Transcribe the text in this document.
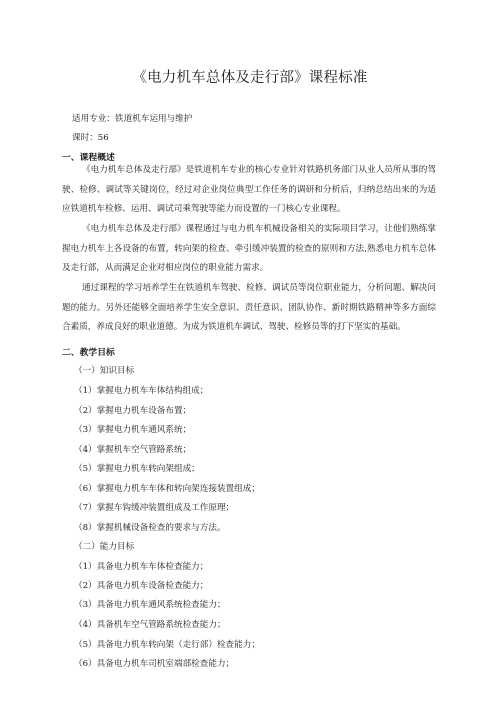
《电力机车总体及走行部》课程标准
适用专业：铁道机车运用与维护
课时：56
一、课程概述

《电力机车总体及走行部》是铁道机车专业的核心专业针对铁路机务部门从业人员所从事的驾驶、检修、调试等关键岗位，经过对企业岗位典型工作任务的调研和分析后，归纳总结出来的为适应铁道机车检修、运用、调试司乘驾驶等能力而设置的一门核心专业课程。

《电力机车总体及走行部》课程通过与电力机车机械设备相关的实际项目学习，让他们熟练掌握电力机车上各设备的布置，转向架的检查、牵引缓冲装置的检查的原则和方法,熟悉电力机车总体及走行部，从而满足企业对相应岗位的职业能力需求。

通过课程的学习培养学生在铁道机车驾驶、检修、调试员等岗位职业能力，分析问题、解决问题的能力。另外还能够全面培养学生安全意识、责任意识、团队协作、新时期铁路精神等多方面综合素质，养成良好的职业道德。为成为铁道机车调试、驾驶、检修员等的打下坚实的基础。

二、教学目标
（一）知识目标
（1）掌握电力机车车体结构组成；
（2）掌握电力机车设备布置；
（3）掌握电力机车通风系统；
（4）掌握机车空气管路系统；
（5）掌握电力机车转向架组成；
（6）掌握电力机车车体和转向架连接装置组成；
（7）掌握车钩缓冲装置组成及工作原理；
（8）掌握机械设备检查的要求与方法。
（二）能力目标
（1）具备电力机车车体检查能力；
（2）具备电力机车设备检查能力；
（3）具备电力机车通风系统检查能力；
（4）具备机车空气管路系统检查能力；
（5）具备电力机车转向架（走行部）检查能力；
（6）具备电力机车司机室端部检查能力；
